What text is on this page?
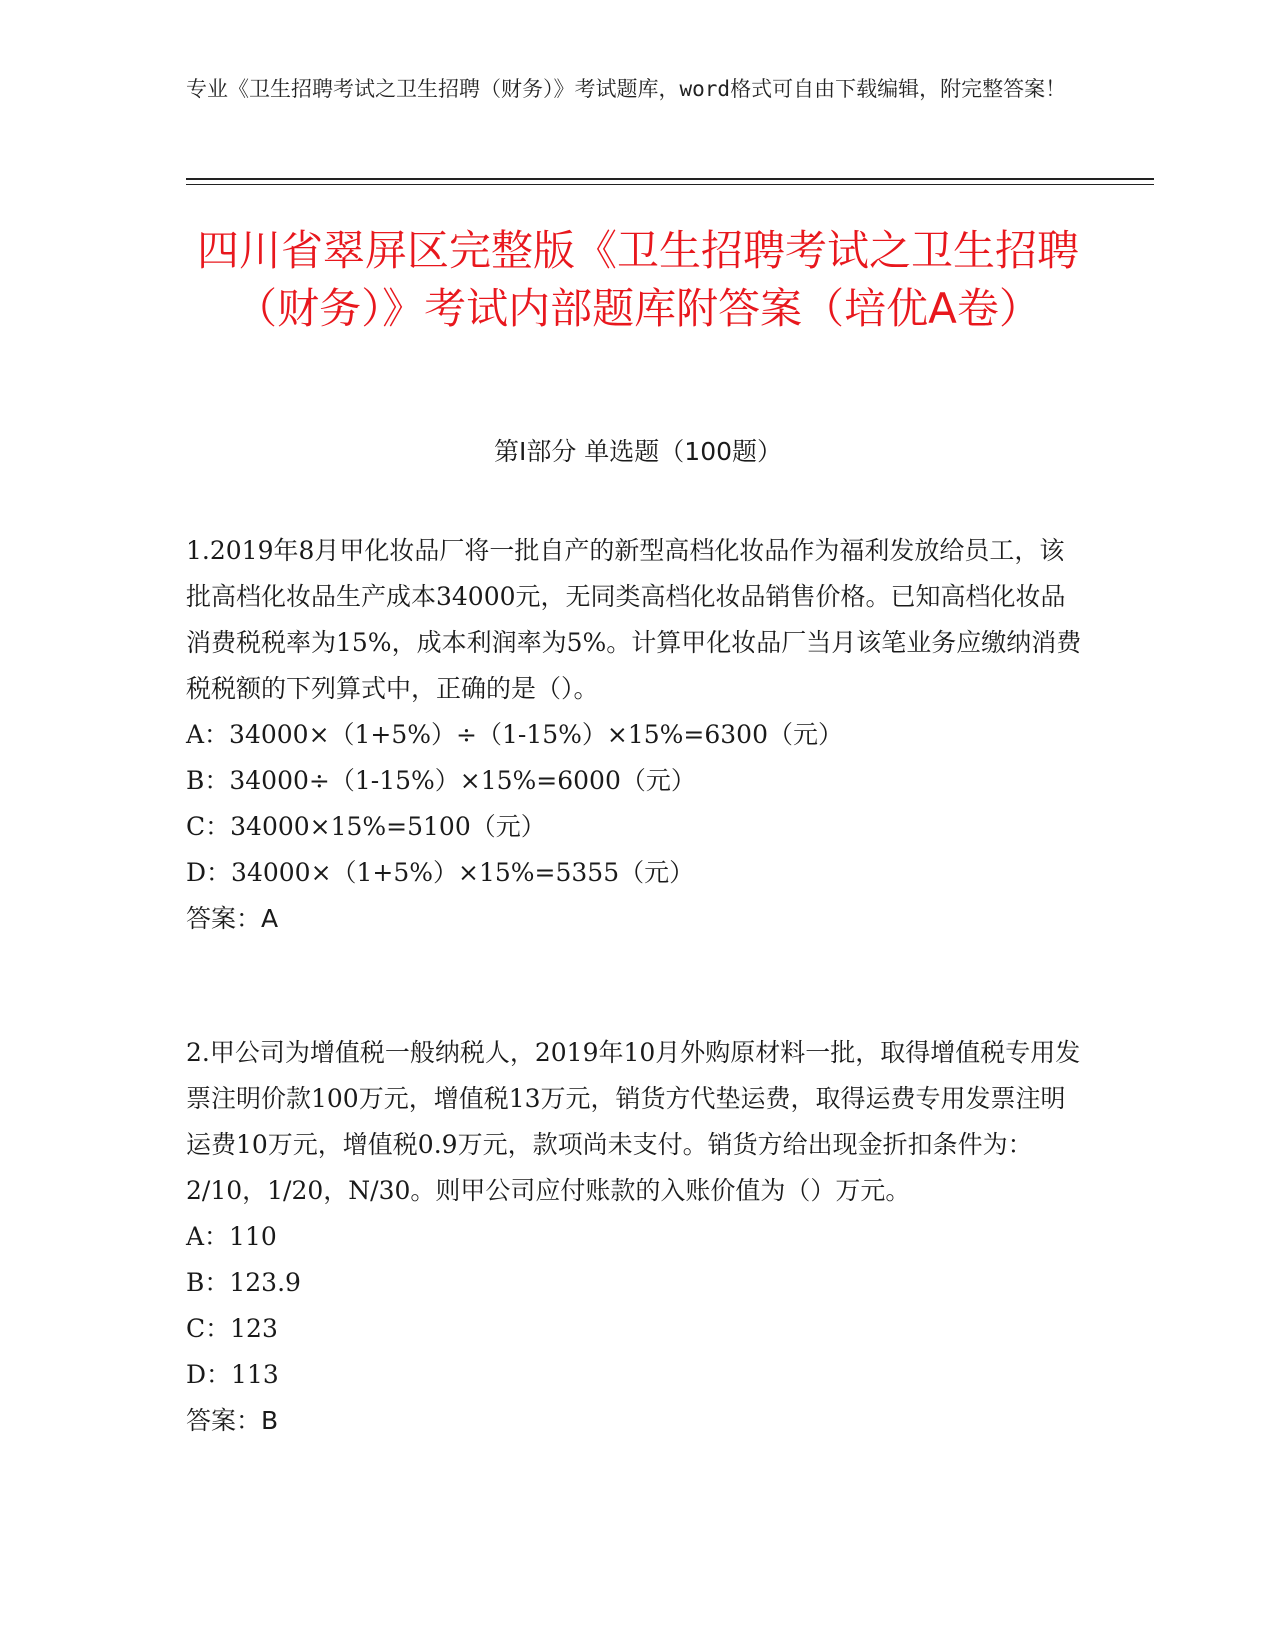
专业《卫生招聘考试之卫生招聘（财务）》考试题库，word格式可自由下载编辑，附完整答案！
四川省翠屏区完整版《卫生招聘考试之卫生招聘（财务）》考试内部题库附答案（培优A卷）
第Ⅰ部分 单选题（100题）

1.2019年8月甲化妆品厂将一批自产的新型高档化妆品作为福利发放给员工，该批高档化妆品生产成本34000元，无同类高档化妆品销售价格。已知高档化妆品消费税税率为15%，成本利润率为5%。计算甲化妆品厂当月该笔业务应缴纳消费税税额的下列算式中，正确的是（）。

A：34000×（1+5%）÷（1-15%）×15%=6300（元）

B：34000÷（1-15%）×15%=6000（元）

C：34000×15%=5100（元）

D：34000×（1+5%）×15%=5355（元）

答案：A

2.甲公司为增值税一般纳税人，2019年10月外购原材料一批，取得增值税专用发票注明价款100万元，增值税13万元，销货方代垫运费，取得运费专用发票注明运费10万元，增值税0.9万元，款项尚未支付。销货方给出现金折扣条件为：2/10，1/20，N/30。则甲公司应付账款的入账价值为（）万元。

A：110

B：123.9

C：123

D：113

答案：B
